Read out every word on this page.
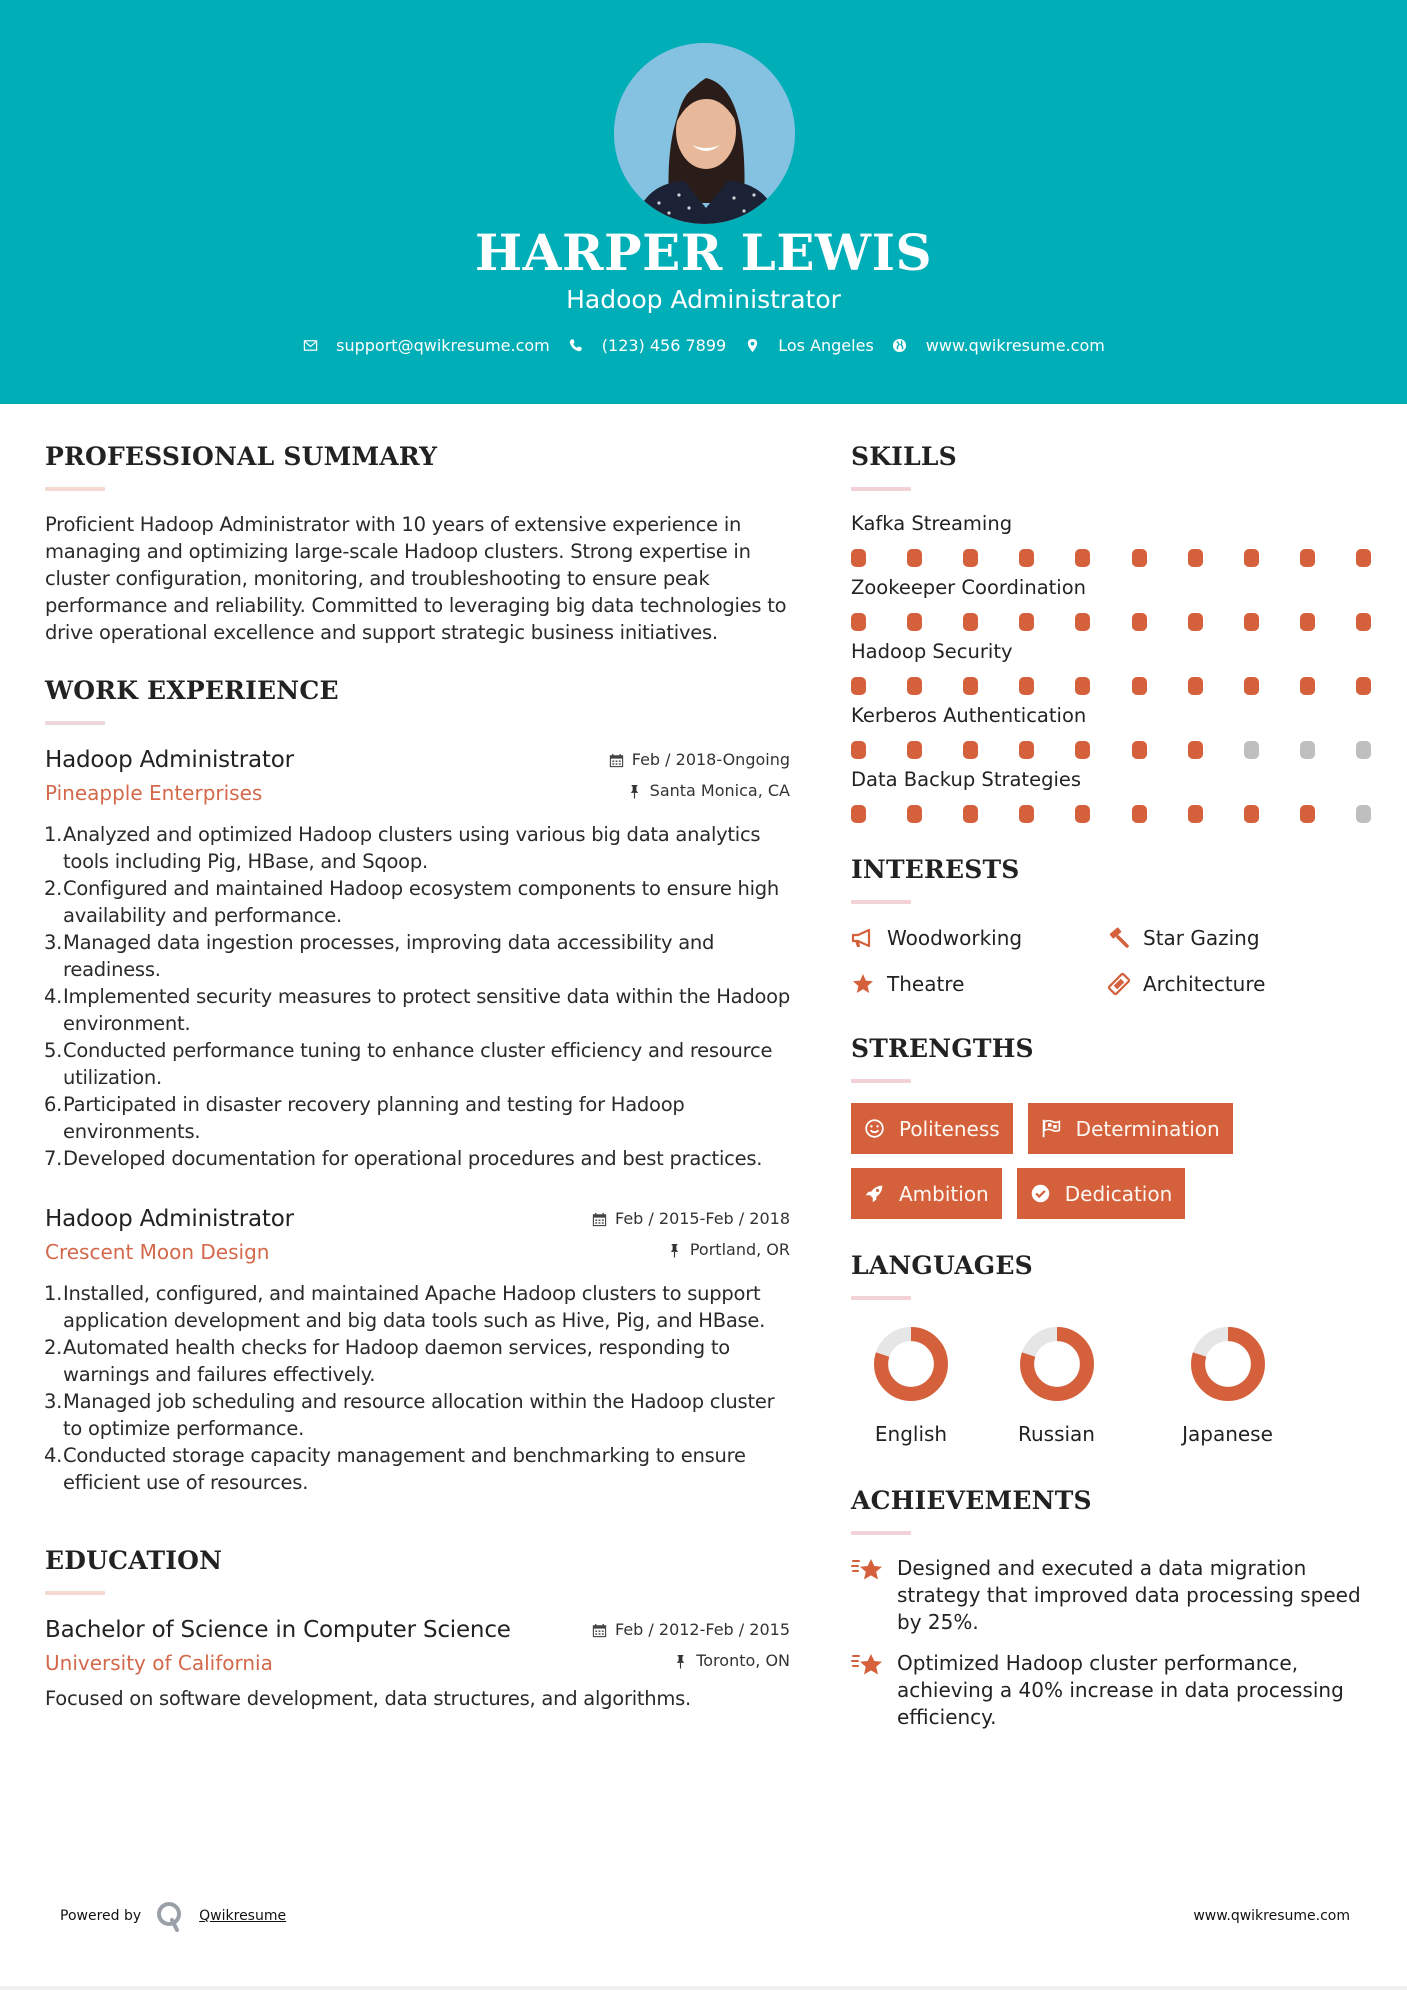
HARPER LEWIS
Hadoop Administrator
support@qwikresume.com	(123) 456 7899	Los Angeles	www.qwikresume.com
PROFESSIONAL SUMMARY

Proficient Hadoop Administrator with 10 years of extensive experience in managing and optimizing large-scale Hadoop clusters. Strong expertise in cluster configuration, monitoring, and troubleshooting to ensure peak performance and reliability. Committed to leveraging big data technologies to drive operational excellence and support strategic business initiatives.

WORK EXPERIENCE
Hadoop Administrator	Feb / 2018-Ongoing
Pineapple Enterprises	Santa Monica, CA
1. Analyzed and optimized Hadoop clusters using various big data analytics tools including Pig, HBase, and Sqoop.
2. Configured and maintained Hadoop ecosystem components to ensure high availability and performance.
3. Managed data ingestion processes, improving data accessibility and readiness.
4. Implemented security measures to protect sensitive data within the Hadoop environment.
5. Conducted performance tuning to enhance cluster efficiency and resource utilization.
6. Participated in disaster recovery planning and testing for Hadoop environments.
7. Developed documentation for operational procedures and best practices.
Hadoop Administrator	Feb / 2015-Feb / 2018
Crescent Moon Design	Portland, OR
1. Installed, configured, and maintained Apache Hadoop clusters to support application development and big data tools such as Hive, Pig, and HBase.
2. Automated health checks for Hadoop daemon services, responding to warnings and failures effectively.
3. Managed job scheduling and resource allocation within the Hadoop cluster to optimize performance.
4. Conducted storage capacity management and benchmarking to ensure efficient use of resources.
EDUCATION
Bachelor of Science in Computer Science	Feb / 2012-Feb / 2015
University of California	Toronto, ON

Focused on software development, data structures, and algorithms.

SKILLS
Kafka Streaming
Zookeeper Coordination
Hadoop Security
Kerberos Authentication
Data Backup Strategies
INTERESTS
Woodworking	Star Gazing
Theatre	Architecture
STRENGTHS
Politeness	Determination
Ambition	Dedication
LANGUAGES
English	Russian	Japanese
ACHIEVEMENTS
Designed and executed a data migration strategy that improved data processing speed by 25%.
Optimized Hadoop cluster performance, achieving a 40% increase in data processing efficiency.
Powered by	Qwikresume	www.qwikresume.com
